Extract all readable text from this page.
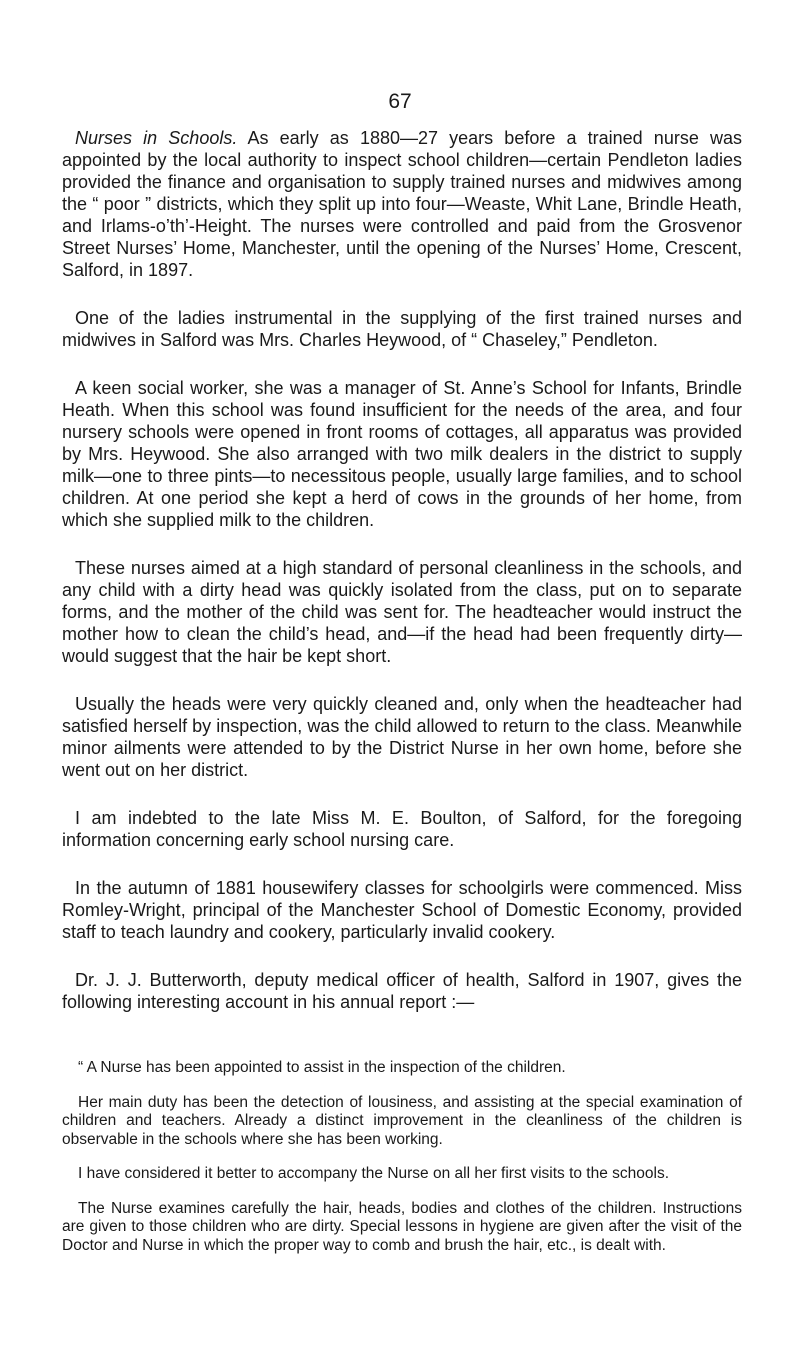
67

Nurses in Schools. As early as 1880—27 years before a trained nurse was appointed by the local authority to inspect school children—certain Pendleton ladies provided the finance and organisation to supply trained nurses and midwives among the “ poor ” districts, which they split up into four—Weaste, Whit Lane, Brindle Heath, and Irlams-o’th’-Height. The nurses were controlled and paid from the Grosvenor Street Nurses’ Home, Manchester, until the opening of the Nurses’ Home, Crescent, Salford, in 1897.

One of the ladies instrumental in the supplying of the first trained nurses and midwives in Salford was Mrs. Charles Heywood, of “ Chaseley,” Pendleton.

A keen social worker, she was a manager of St. Anne’s School for Infants, Brindle Heath. When this school was found insufficient for the needs of the area, and four nursery schools were opened in front rooms of cottages, all apparatus was provided by Mrs. Heywood. She also arranged with two milk dealers in the district to supply milk—one to three pints—to necessitous people, usually large families, and to school children. At one period she kept a herd of cows in the grounds of her home, from which she supplied milk to the children.

These nurses aimed at a high standard of personal cleanliness in the schools, and any child with a dirty head was quickly isolated from the class, put on to separate forms, and the mother of the child was sent for. The headteacher would instruct the mother how to clean the child’s head, and—if the head had been frequently dirty—would suggest that the hair be kept short.

Usually the heads were very quickly cleaned and, only when the headteacher had satisfied herself by inspection, was the child allowed to return to the class. Meanwhile minor ailments were attended to by the District Nurse in her own home, before she went out on her district.

I am indebted to the late Miss M. E. Boulton, of Salford, for the foregoing information concerning early school nursing care.

In the autumn of 1881 housewifery classes for schoolgirls were commenced. Miss Romley-Wright, principal of the Manchester School of Domestic Economy, provided staff to teach laundry and cookery, particularly invalid cookery.

Dr. J. J. Butterworth, deputy medical officer of health, Salford in 1907, gives the following interesting account in his annual report :—

“ A Nurse has been appointed to assist in the inspection of the children.

Her main duty has been the detection of lousiness, and assisting at the special examination of children and teachers. Already a distinct improvement in the cleanliness of the children is observable in the schools where she has been working.

I have considered it better to accompany the Nurse on all her first visits to the schools.

The Nurse examines carefully the hair, heads, bodies and clothes of the children. Instructions are given to those children who are dirty. Special lessons in hygiene are given after the visit of the Doctor and Nurse in which the proper way to comb and brush the hair, etc., is dealt with.
